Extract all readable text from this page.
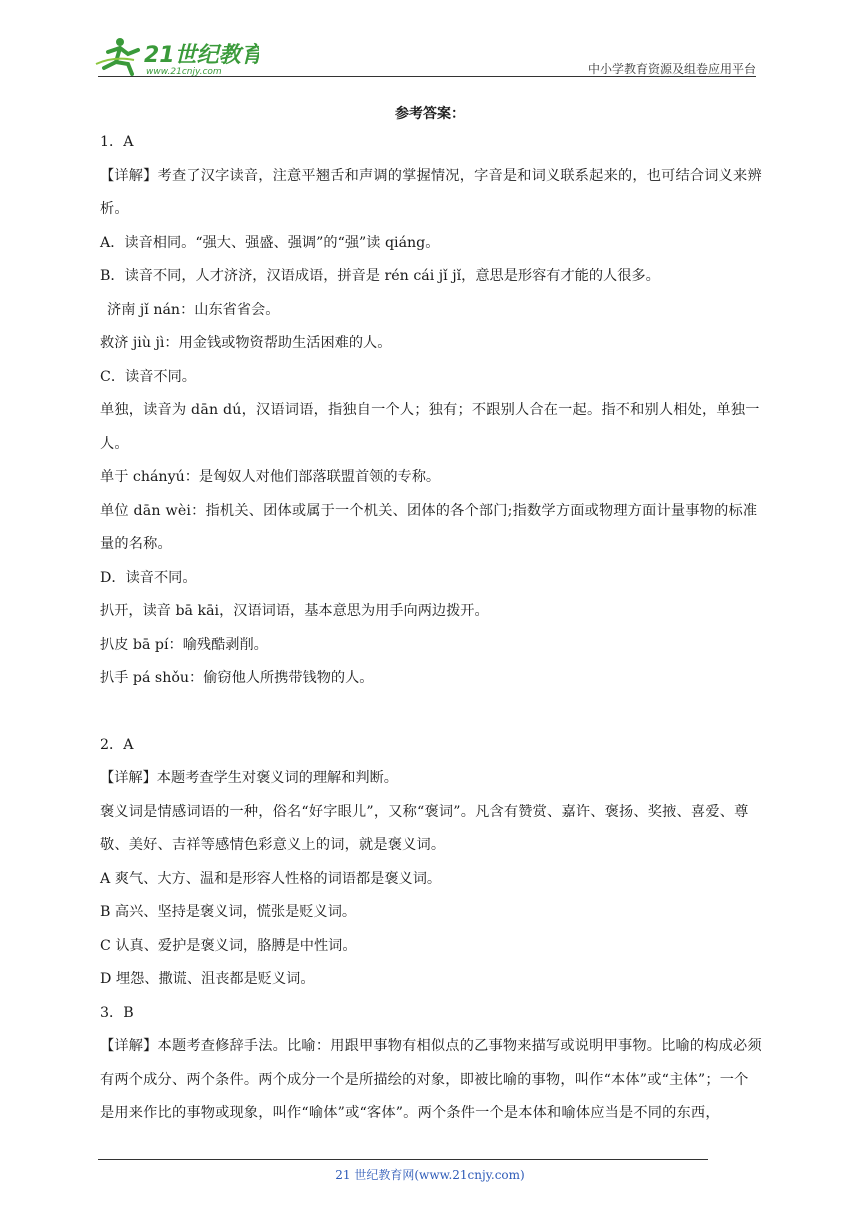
21世纪教育
www.21cnjy.com	中小学教育资源及组卷应用平台
参考答案：

1．A

【详解】考查了汉字读音，注意平翘舌和声调的掌握情况，字音是和词义联系起来的，也可结合词义来辨析。

A．读音相同。“强大、强盛、强调”的“强”读 qiáng。

B．读音不同，人才济济，汉语成语，拼音是 rén cái jǐ jǐ，意思是形容有才能的人很多。

济南 jǐ nán：山东省省会。

救济 jiù jì：用金钱或物资帮助生活困难的人。

C．读音不同。

单独，读音为 dān dú，汉语词语，指独自一个人；独有；不跟别人合在一起。指不和别人相处，单独一人。

单于 chányú：是匈奴人对他们部落联盟首领的专称。

单位 dān wèi：指机关、团体或属于一个机关、团体的各个部门;指数学方面或物理方面计量事物的标准量的名称。

D．读音不同。

扒开，读音 bā kāi，汉语词语，基本意思为用手向两边拨开。

扒皮 bā pí：喻残酷剥削。

扒手 pá shǒu：偷窃他人所携带钱物的人。

2．A

【详解】本题考查学生对褒义词的理解和判断。

褒义词是情感词语的一种，俗名“好字眼儿”，又称“褒词”。凡含有赞赏、嘉许、褒扬、奖掖、喜爱、尊敬、美好、吉祥等感情色彩意义上的词，就是褒义词。

A 爽气、大方、温和是形容人性格的词语都是褒义词。

B 高兴、坚持是褒义词，慌张是贬义词。

C 认真、爱护是褒义词，胳膊是中性词。

D 埋怨、撒谎、沮丧都是贬义词。

3．B

【详解】本题考查修辞手法。比喻：用跟甲事物有相似点的乙事物来描写或说明甲事物。比喻的构成必须有两个成分、两个条件。两个成分一个是所描绘的对象，即被比喻的事物，叫作“本体”或“主体”；一个是用来作比的事物或现象，叫作“喻体”或“客体”。两个条件一个是本体和喻体应当是不同的东西，

21 世纪教育网(www.21cnjy.com)
